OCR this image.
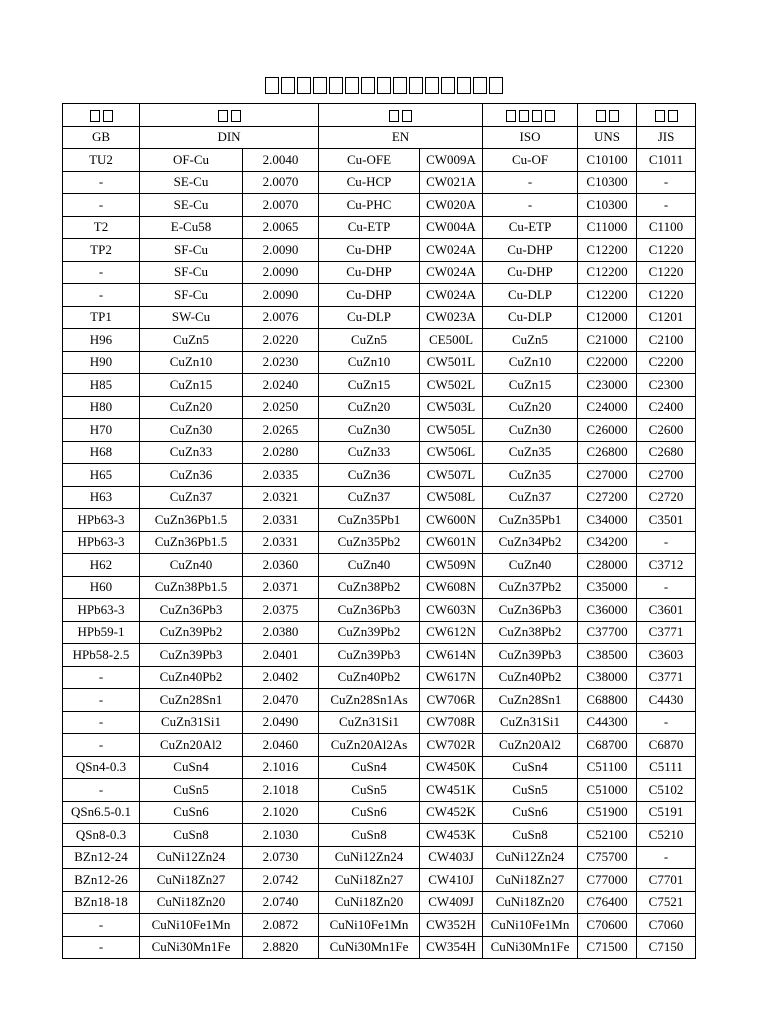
GB	DIN		EN		ISO	UNS	JIS
TU2	OF-Cu	2.0040	Cu-OFE	CW009A	Cu-OF	C10100	C1011
-	SE-Cu	2.0070	Cu-HCP	CW021A	-	C10300	-
-	SE-Cu	2.0070	Cu-PHC	CW020A	-	C10300	-
T2	E-Cu58	2.0065	Cu-ETP	CW004A	Cu-ETP	C11000	C1100
TP2	SF-Cu	2.0090	Cu-DHP	CW024A	Cu-DHP	C12200	C1220
-	SF-Cu	2.0090	Cu-DHP	CW024A	Cu-DHP	C12200	C1220
-	SF-Cu	2.0090	Cu-DHP	CW024A	Cu-DLP	C12200	C1220
TP1	SW-Cu	2.0076	Cu-DLP	CW023A	Cu-DLP	C12000	C1201
H96	CuZn5	2.0220	CuZn5	CE500L	CuZn5	C21000	C2100
H90	CuZn10	2.0230	CuZn10	CW501L	CuZn10	C22000	C2200
H85	CuZn15	2.0240	CuZn15	CW502L	CuZn15	C23000	C2300
H80	CuZn20	2.0250	CuZn20	CW503L	CuZn20	C24000	C2400
H70	CuZn30	2.0265	CuZn30	CW505L	CuZn30	C26000	C2600
H68	CuZn33	2.0280	CuZn33	CW506L	CuZn35	C26800	C2680
H65	CuZn36	2.0335	CuZn36	CW507L	CuZn35	C27000	C2700
H63	CuZn37	2.0321	CuZn37	CW508L	CuZn37	C27200	C2720
HPb63-3	CuZn36Pb1.5	2.0331	CuZn35Pb1	CW600N	CuZn35Pb1	C34000	C3501
HPb63-3	CuZn36Pb1.5	2.0331	CuZn35Pb2	CW601N	CuZn34Pb2	C34200	-
H62	CuZn40	2.0360	CuZn40	CW509N	CuZn40	C28000	C3712
H60	CuZn38Pb1.5	2.0371	CuZn38Pb2	CW608N	CuZn37Pb2	C35000	-
HPb63-3	CuZn36Pb3	2.0375	CuZn36Pb3	CW603N	CuZn36Pb3	C36000	C3601
HPb59-1	CuZn39Pb2	2.0380	CuZn39Pb2	CW612N	CuZn38Pb2	C37700	C3771
HPb58-2.5	CuZn39Pb3	2.0401	CuZn39Pb3	CW614N	CuZn39Pb3	C38500	C3603
-	CuZn40Pb2	2.0402	CuZn40Pb2	CW617N	CuZn40Pb2	C38000	C3771
-	CuZn28Sn1	2.0470	CuZn28Sn1As	CW706R	CuZn28Sn1	C68800	C4430
-	CuZn31Si1	2.0490	CuZn31Si1	CW708R	CuZn31Si1	C44300	-
-	CuZn20Al2	2.0460	CuZn20Al2As	CW702R	CuZn20Al2	C68700	C6870
QSn4-0.3	CuSn4	2.1016	CuSn4	CW450K	CuSn4	C51100	C5111
-	CuSn5	2.1018	CuSn5	CW451K	CuSn5	C51000	C5102
QSn6.5-0.1	CuSn6	2.1020	CuSn6	CW452K	CuSn6	C51900	C5191
QSn8-0.3	CuSn8	2.1030	CuSn8	CW453K	CuSn8	C52100	C5210
BZn12-24	CuNi12Zn24	2.0730	CuNi12Zn24	CW403J	CuNi12Zn24	C75700	-
BZn12-26	CuNi18Zn27	2.0742	CuNi18Zn27	CW410J	CuNi18Zn27	C77000	C7701
BZn18-18	CuNi18Zn20	2.0740	CuNi18Zn20	CW409J	CuNi18Zn20	C76400	C7521
-	CuNi10Fe1Mn	2.0872	CuNi10Fe1Mn	CW352H	CuNi10Fe1Mn	C70600	C7060
-	CuNi30Mn1Fe	2.8820	CuNi30Mn1Fe	CW354H	CuNi30Mn1Fe	C71500	C7150
